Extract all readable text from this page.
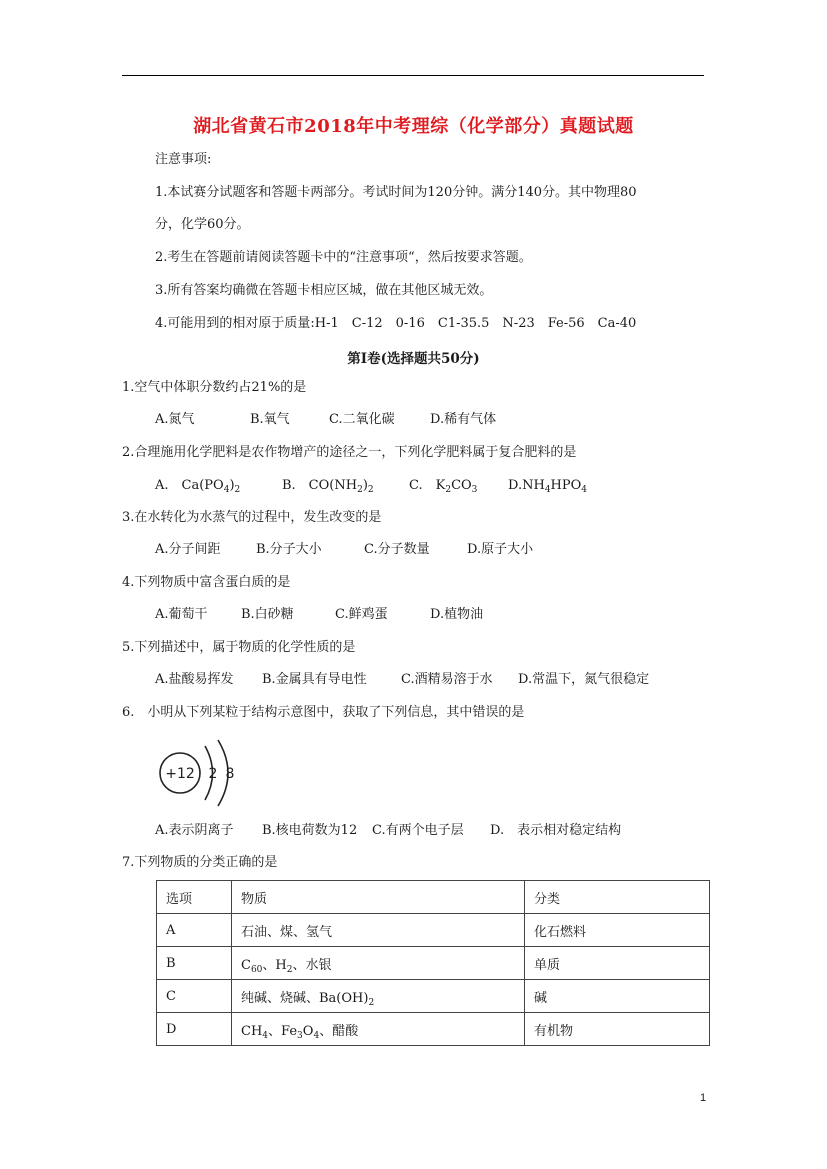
湖北省黄石市2018年中考理综（化学部分）真题试题
注意事项:
1.本试赛分试题客和答题卡两部分。考试时间为120分钟。满分140分。其中物理80
分，化学60分。
2.考生在答题前请阅读答题卡中的“注意事项“，然后按要求答题。
3.所有答案均确微在答题卡相应区城，做在其他区城无效。
4.可能用到的相对原于质量:H-1　C-12　0-16　C1-35.5　N-23　Fe-56　Ca-40
第Ⅰ卷(选择题共50分)
1.空气中体职分数约占21%的是
A.氮气	B.氧气	C.二氧化碳	D.稀有气体
2.合理施用化学肥料是农作物增产的途径之一，下列化学肥料属于复合肥料的是
A.　$Ca(PO_4)_2$	B.　$CO(NH_2)_2$	C.　$K_2CO_3$ $D.NH_4HPO_4$
3.在水转化为水蒸气的过程中，发生改变的是
A.分子间距	B.分子大小	C.分子数量	D.原子大小
4.下列物质中富含蛋白质的是
A.葡萄干	B.白砂糖	C.鲜鸡蛋	D.植物油
5.下列描述中，属于物质的化学性质的是
A.盐酸易挥发 B.金属具有导电性	C.酒精易溶于水 D.常温下，氮气很稳定
6.　小明从下列某粒于结构示意图中，获取了下列信息，其中错误的是
+12 2 8
A.表示阴离子 B.核电荷数为12 C.有两个电子层 D.　表示相对稳定结构
7.下列物质的分类正确的是
选项	物质	分类
A	石油、煤、氢气	化石燃料
B	$C_{60}$、$H_2$、水银	单质
C	纯碱、烧碱、$Ba(OH)_2$	碱
D	$CH_4$、$Fe_3O_4$、醋酸	有机物
1
